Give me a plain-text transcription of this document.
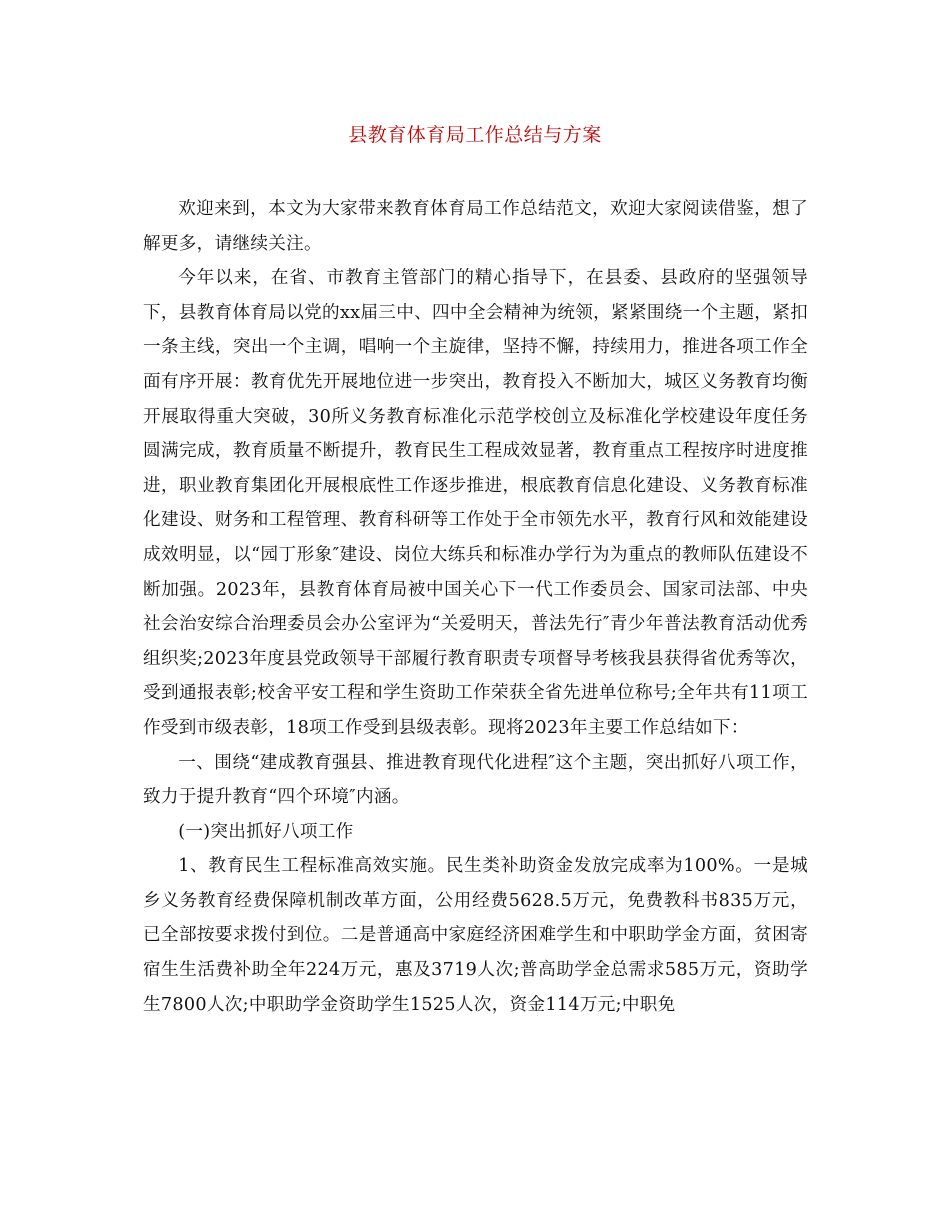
县教育体育局工作总结与方案

欢迎来到，本文为大家带来教育体育局工作总结范文，欢迎大家阅读借鉴，想了解更多，请继续关注。

今年以来，在省、市教育主管部门的精心指导下，在县委、县政府的坚强领导下，县教育体育局以党的xx届三中、四中全会精神为统领，紧紧围绕一个主题，紧扣一条主线，突出一个主调，唱响一个主旋律，坚持不懈，持续用力，推进各项工作全面有序开展：教育优先开展地位进一步突出，教育投入不断加大，城区义务教育均衡开展取得重大突破，30所义务教育标准化示范学校创立及标准化学校建设年度任务圆满完成，教育质量不断提升，教育民生工程成效显著，教育重点工程按序时进度推进，职业教育集团化开展根底性工作逐步推进，根底教育信息化建设、义务教育标准化建设、财务和工程管理、教育科研等工作处于全市领先水平，教育行风和效能建设成效明显，以“园丁形象″建设、岗位大练兵和标准办学行为为重点的教师队伍建设不断加强。2023年，县教育体育局被中国关心下一代工作委员会、国家司法部、中央社会治安综合治理委员会办公室评为“关爱明天，普法先行″青少年普法教育活动优秀组织奖;2023年度县党政领导干部履行教育职责专项督导考核我县获得省优秀等次，受到通报表彰;校舍平安工程和学生资助工作荣获全省先进单位称号;全年共有11项工作受到市级表彰，18项工作受到县级表彰。现将2023年主要工作总结如下：

一、围绕“建成教育强县、推进教育现代化进程″这个主题，突出抓好八项工作，致力于提升教育“四个环境″内涵。

(一)突出抓好八项工作

1、教育民生工程标准高效实施。民生类补助资金发放完成率为100%。一是城乡义务教育经费保障机制改革方面，公用经费5628.5万元，免费教科书835万元，已全部按要求拨付到位。二是普通高中家庭经济困难学生和中职助学金方面，贫困寄宿生生活费补助全年224万元，惠及3719人次;普高助学金总需求585万元，资助学生7800人次;中职助学金资助学生1525人次，资金114万元;中职免
